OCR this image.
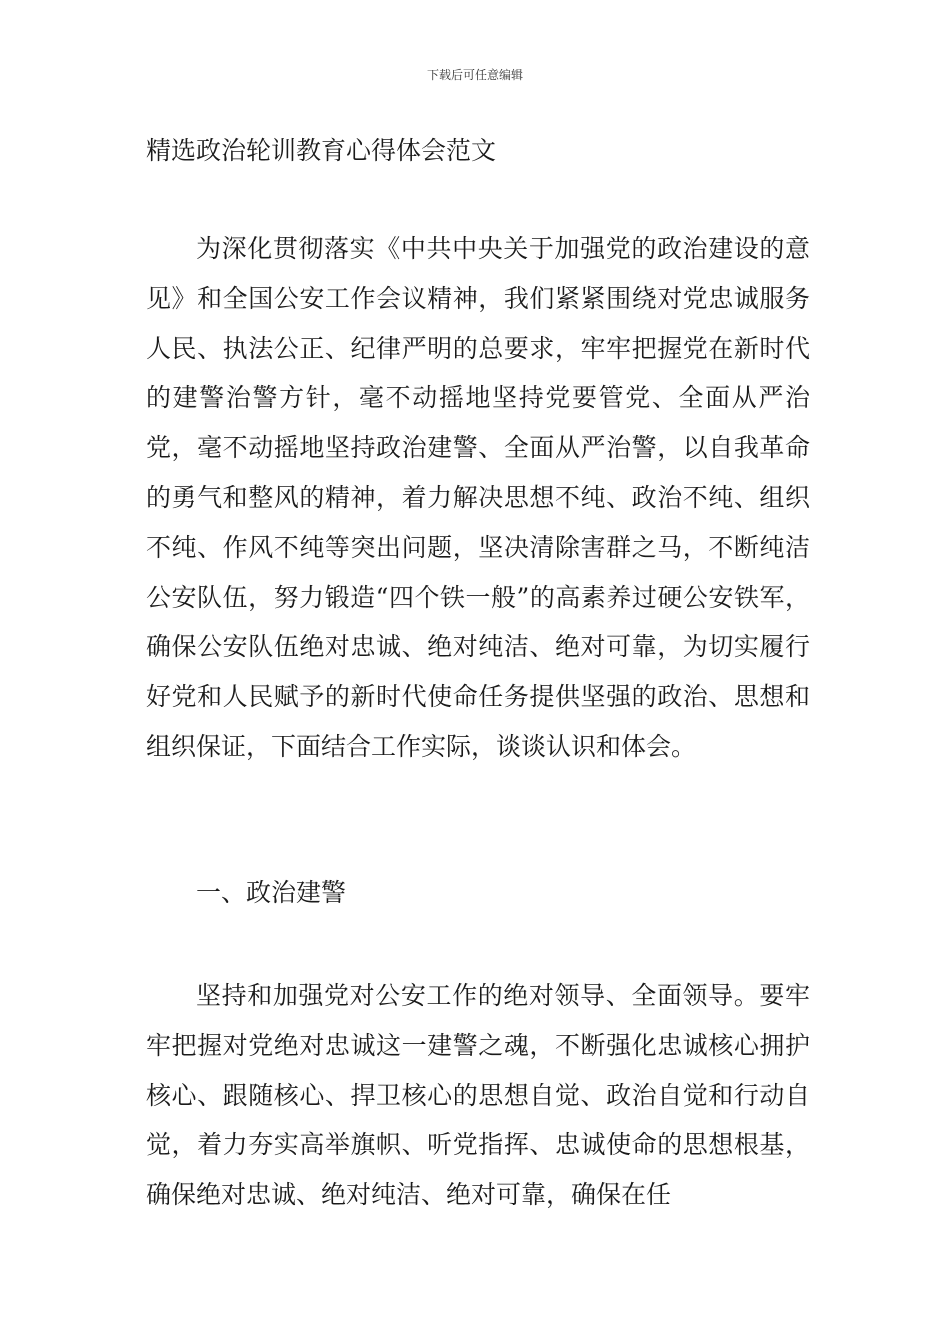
下载后可任意编辑
精选政治轮训教育心得体会范文

为深化贯彻落实《中共中央关于加强党的政治建设的意见》和全国公安工作会议精神，我们紧紧围绕对党忠诚服务人民、执法公正、纪律严明的总要求，牢牢把握党在新时代的建警治警方针，毫不动摇地坚持党要管党、全面从严治党，毫不动摇地坚持政治建警、全面从严治警，以自我革命的勇气和整风的精神，着力解决思想不纯、政治不纯、组织不纯、作风不纯等突出问题，坚决清除害群之马，不断纯洁公安队伍，努力锻造“四个铁一般”的高素养过硬公安铁军，确保公安队伍绝对忠诚、绝对纯洁、绝对可靠，为切实履行好党和人民赋予的新时代使命任务提供坚强的政治、思想和组织保证，下面结合工作实际，谈谈认识和体会。

一、政治建警

坚持和加强党对公安工作的绝对领导、全面领导。要牢牢把握对党绝对忠诚这一建警之魂，不断强化忠诚核心拥护核心、跟随核心、捍卫核心的思想自觉、政治自觉和行动自觉，着力夯实高举旗帜、听党指挥、忠诚使命的思想根基，确保绝对忠诚、绝对纯洁、绝对可靠，确保在任
